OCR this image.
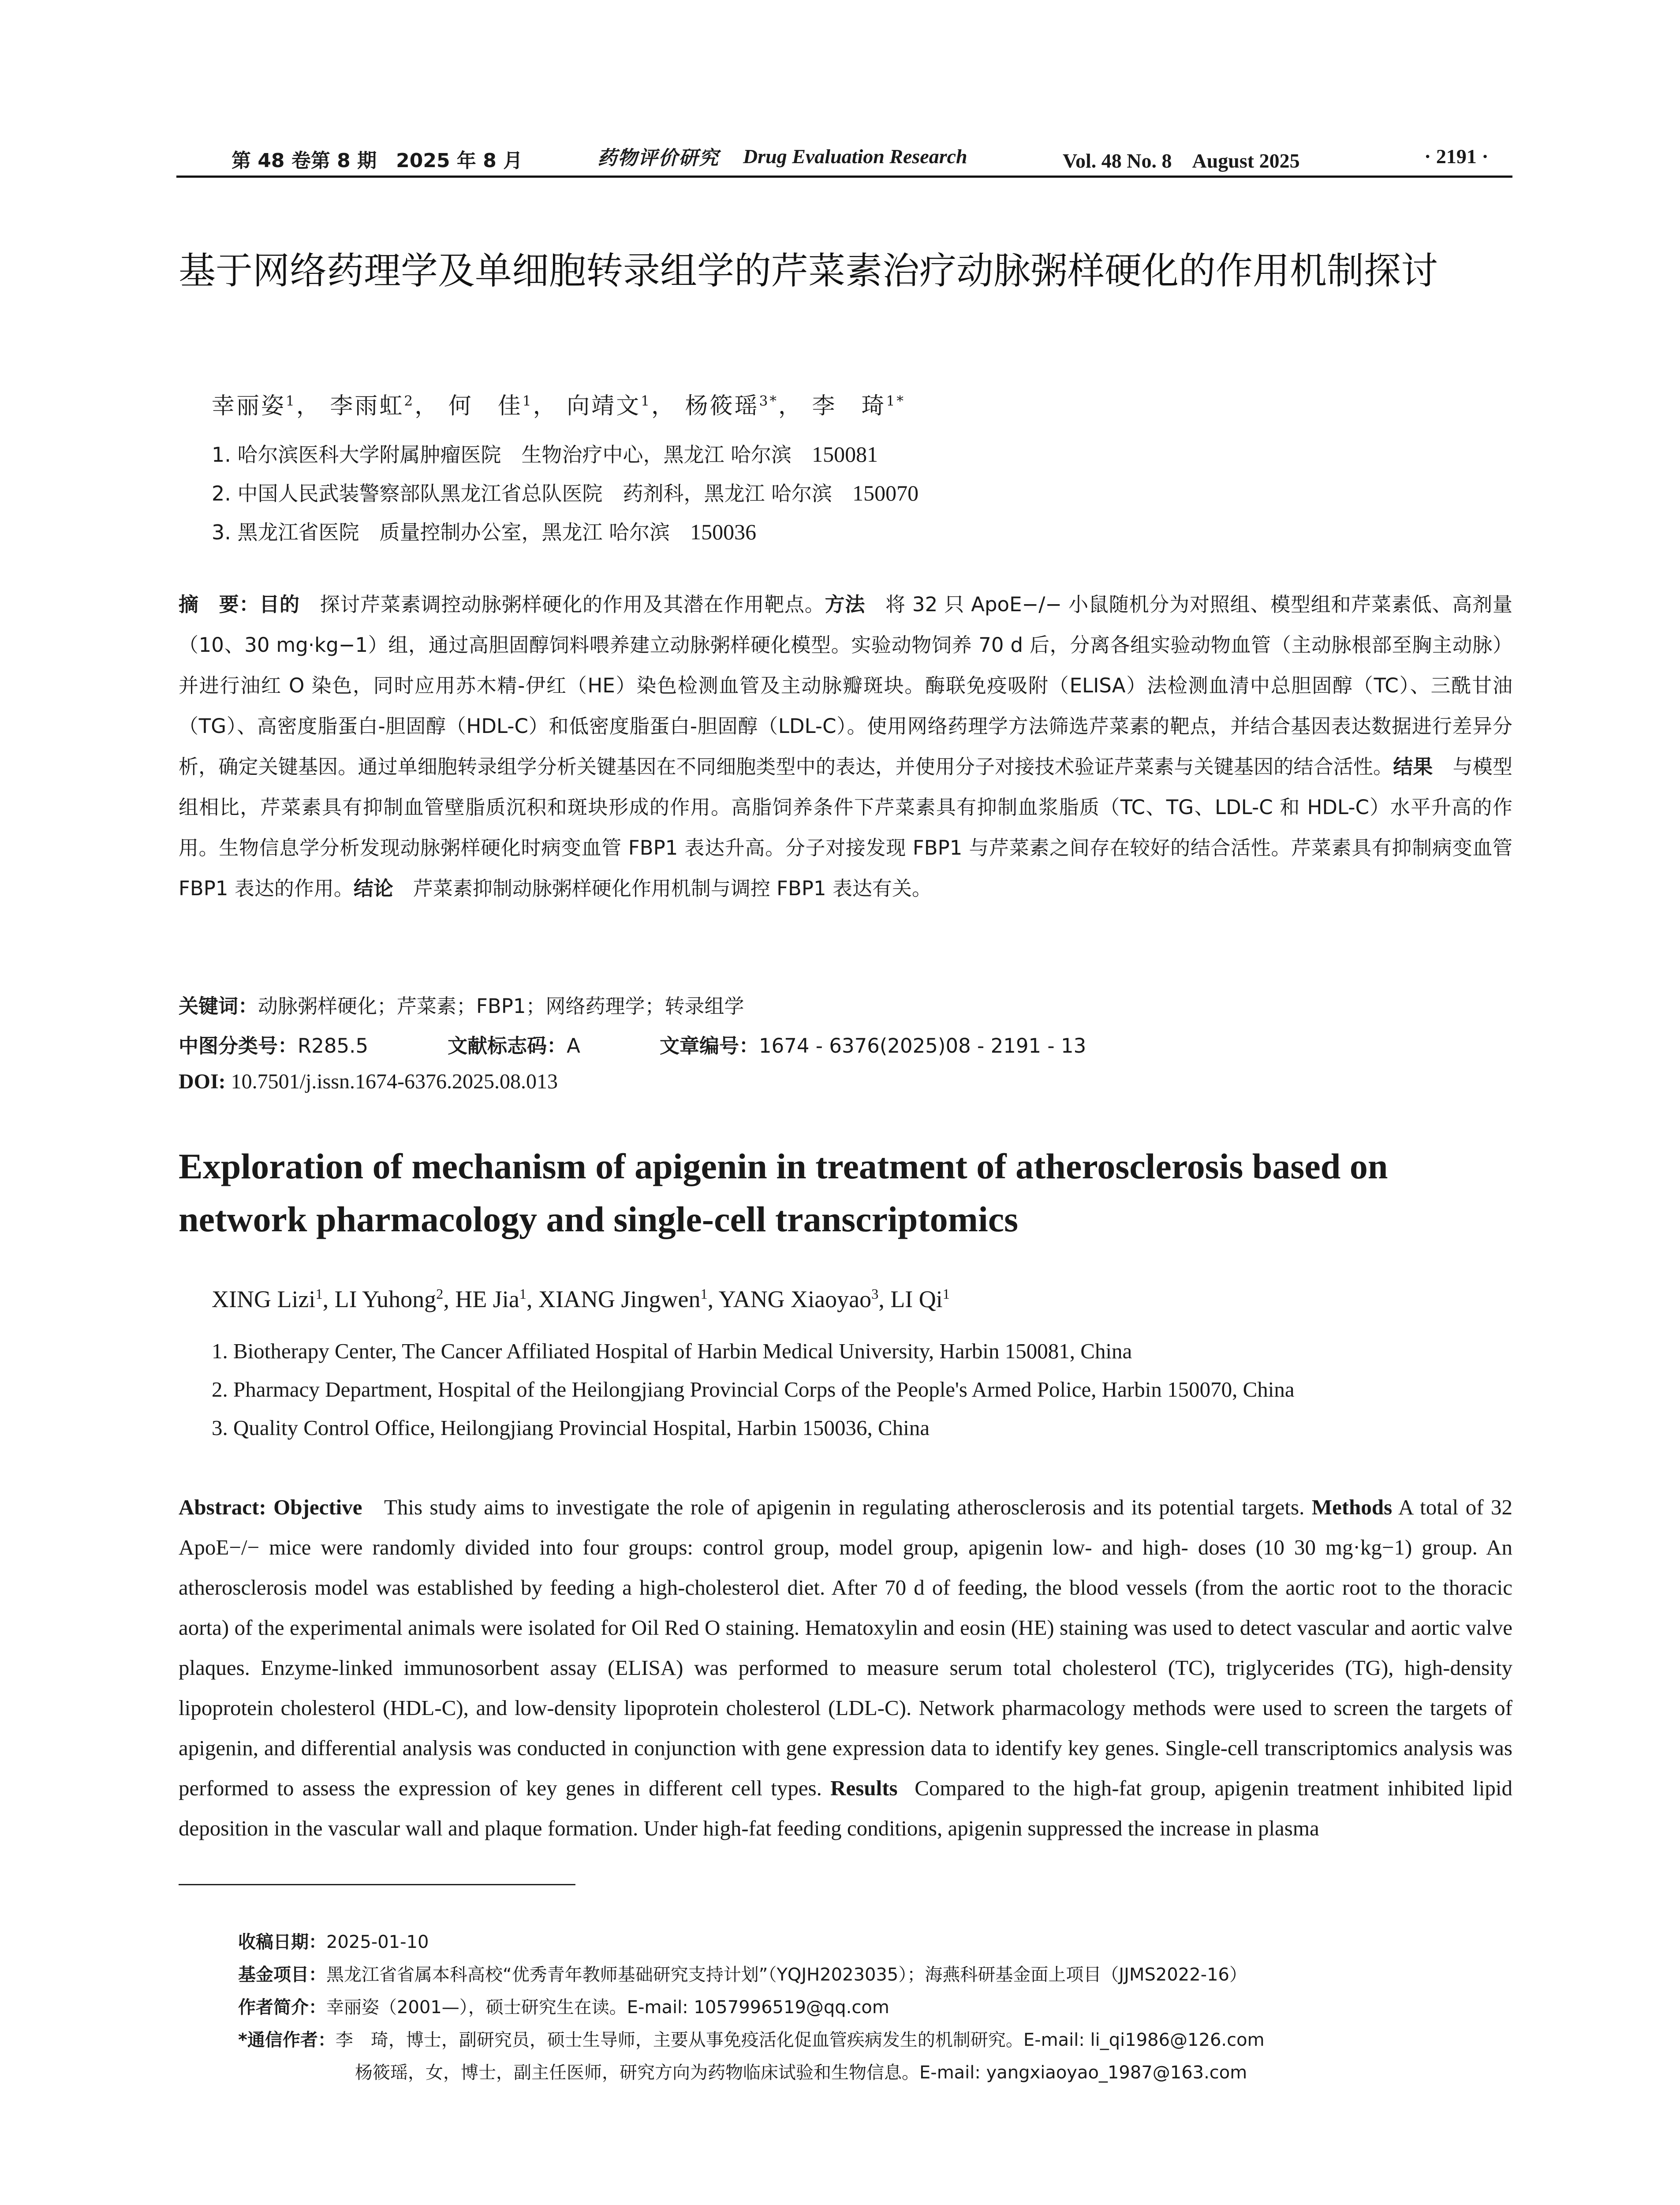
第 48 卷第 8 期　2025 年 8 月	药物评价研究 Drug Evaluation Research	Vol. 48 No. 8　August 2025	· 2191 ·
基于网络药理学及单细胞转录组学的芹菜素治疗动脉粥样硬化的作用机制探讨
幸丽姿$^1$， 李雨虹$^2$， 何　佳$^1$， 向靖文$^1$， 杨筱瑶$^{3*}$， 李　琦$^{1*}$
1. 哈尔滨医科大学附属肿瘤医院　生物治疗中心，黑龙江 哈尔滨　 150081
2. 中国人民武装警察部队黑龙江省总队医院　药剂科，黑龙江 哈尔滨　 150070
3. 黑龙江省医院　质量控制办公室，黑龙江 哈尔滨　 150036
摘　要：目的　 探讨芹菜素调控动脉粥样硬化的作用及其潜在作用靶点。方法　 将 32 只 ApoE−/− 小鼠随机分为对照组、模型组和芹菜素低、高剂量（10、30 mg·kg−1）组，通过高胆固醇饲料喂养建立动脉粥样硬化模型。实验动物饲养 70 d 后，分离各组实验动物血管（主动脉根部至胸主动脉）并进行油红 O 染色，同时应用苏木精-伊红（HE）染色检测血管及主动脉瓣斑块。酶联免疫吸附（ELISA）法检测血清中总胆固醇（TC）、三酰甘油（TG）、高密度脂蛋白-胆固醇（HDL-C）和低密度脂蛋白-胆固醇（LDL-C）。使用网络药理学方法筛选芹菜素的靶点，并结合基因表达数据进行差异分析，确定关键基因。通过单细胞转录组学分析关键基因在不同细胞类型中的表达，并使用分子对接技术验证芹菜素与关键基因的结合活性。结果　 与模型组相比，芹菜素具有抑制血管壁脂质沉积和斑块形成的作用。高脂饲养条件下芹菜素具有抑制血浆脂质（TC、TG、LDL-C 和 HDL-C）水平升高的作用。生物信息学分析发现动脉粥样硬化时病变血管 FBP1 表达升高。分子对接发现 FBP1 与芹菜素之间存在较好的结合活性。芹菜素具有抑制病变血管 FBP1 表达的作用。结论　 芹菜素抑制动脉粥样硬化作用机制与调控 FBP1 表达有关。
关键词：动脉粥样硬化；芹菜素；FBP1；网络药理学；转录组学
中图分类号：R285.5　　　　	文献标志码：A　　　　	文章编号：1674 - 6376(2025)08 - 2191 - 13
DOI: 10.7501/j.issn.1674-6376.2025.08.013
Exploration of mechanism of apigenin in treatment of atherosclerosis based on
network pharmacology and single-cell transcriptomics
XING Lizi$^1$, LI Yuhong$^2$, HE Jia$^1$, XIANG Jingwen$^1$, YANG Xiaoyao$^3$, LI Qi$^1$
1. Biotherapy Center, The Cancer Affiliated Hospital of Harbin Medical University, Harbin 150081, China
2. Pharmacy Department, Hospital of the Heilongjiang Provincial Corps of the People's Armed Police, Harbin 150070, China
3. Quality Control Office, Heilongjiang Provincial Hospital, Harbin 150036, China
Abstract: Objective This study aims to investigate the role of apigenin in regulating atherosclerosis and its potential targets. Methods A total of 32 ApoE−/− mice were randomly divided into four groups: control group, model group, apigenin low- and high- doses (10 30 mg·kg−1) group. An atherosclerosis model was established by feeding a high-cholesterol diet. After 70 d of feeding, the blood vessels (from the aortic root to the thoracic aorta) of the experimental animals were isolated for Oil Red O staining. Hematoxylin and eosin (HE) staining was used to detect vascular and aortic valve plaques. Enzyme-linked immunosorbent assay (ELISA) was performed to measure serum total cholesterol (TC), triglycerides (TG), high-density lipoprotein cholesterol (HDL-C), and low-density lipoprotein cholesterol (LDL-C). Network pharmacology methods were used to screen the targets of apigenin, and differential analysis was conducted in conjunction with gene expression data to identify key genes. Single-cell transcriptomics analysis was performed to assess the expression of key genes in different cell types. Results Compared to the high-fat group, apigenin treatment inhibited lipid deposition in the vascular wall and plaque formation. Under high-fat feeding conditions, apigenin suppressed the increase in plasma
收稿日期：2025-01-10
基金项目：黑龙江省省属本科高校“优秀青年教师基础研究支持计划”（YQJH2023035）；海燕科研基金面上项目（JJMS2022-16）
作者简介：幸丽姿（2001—），硕士研究生在读。E-mail: 1057996519@qq.com
*通信作者：李　琦，博士，副研究员，硕士生导师，主要从事免疫活化促血管疾病发生的机制研究。E-mail: li_qi1986@126.com
杨筱瑶，女，博士，副主任医师，研究方向为药物临床试验和生物信息。E-mail: yangxiaoyao_1987@163.com
